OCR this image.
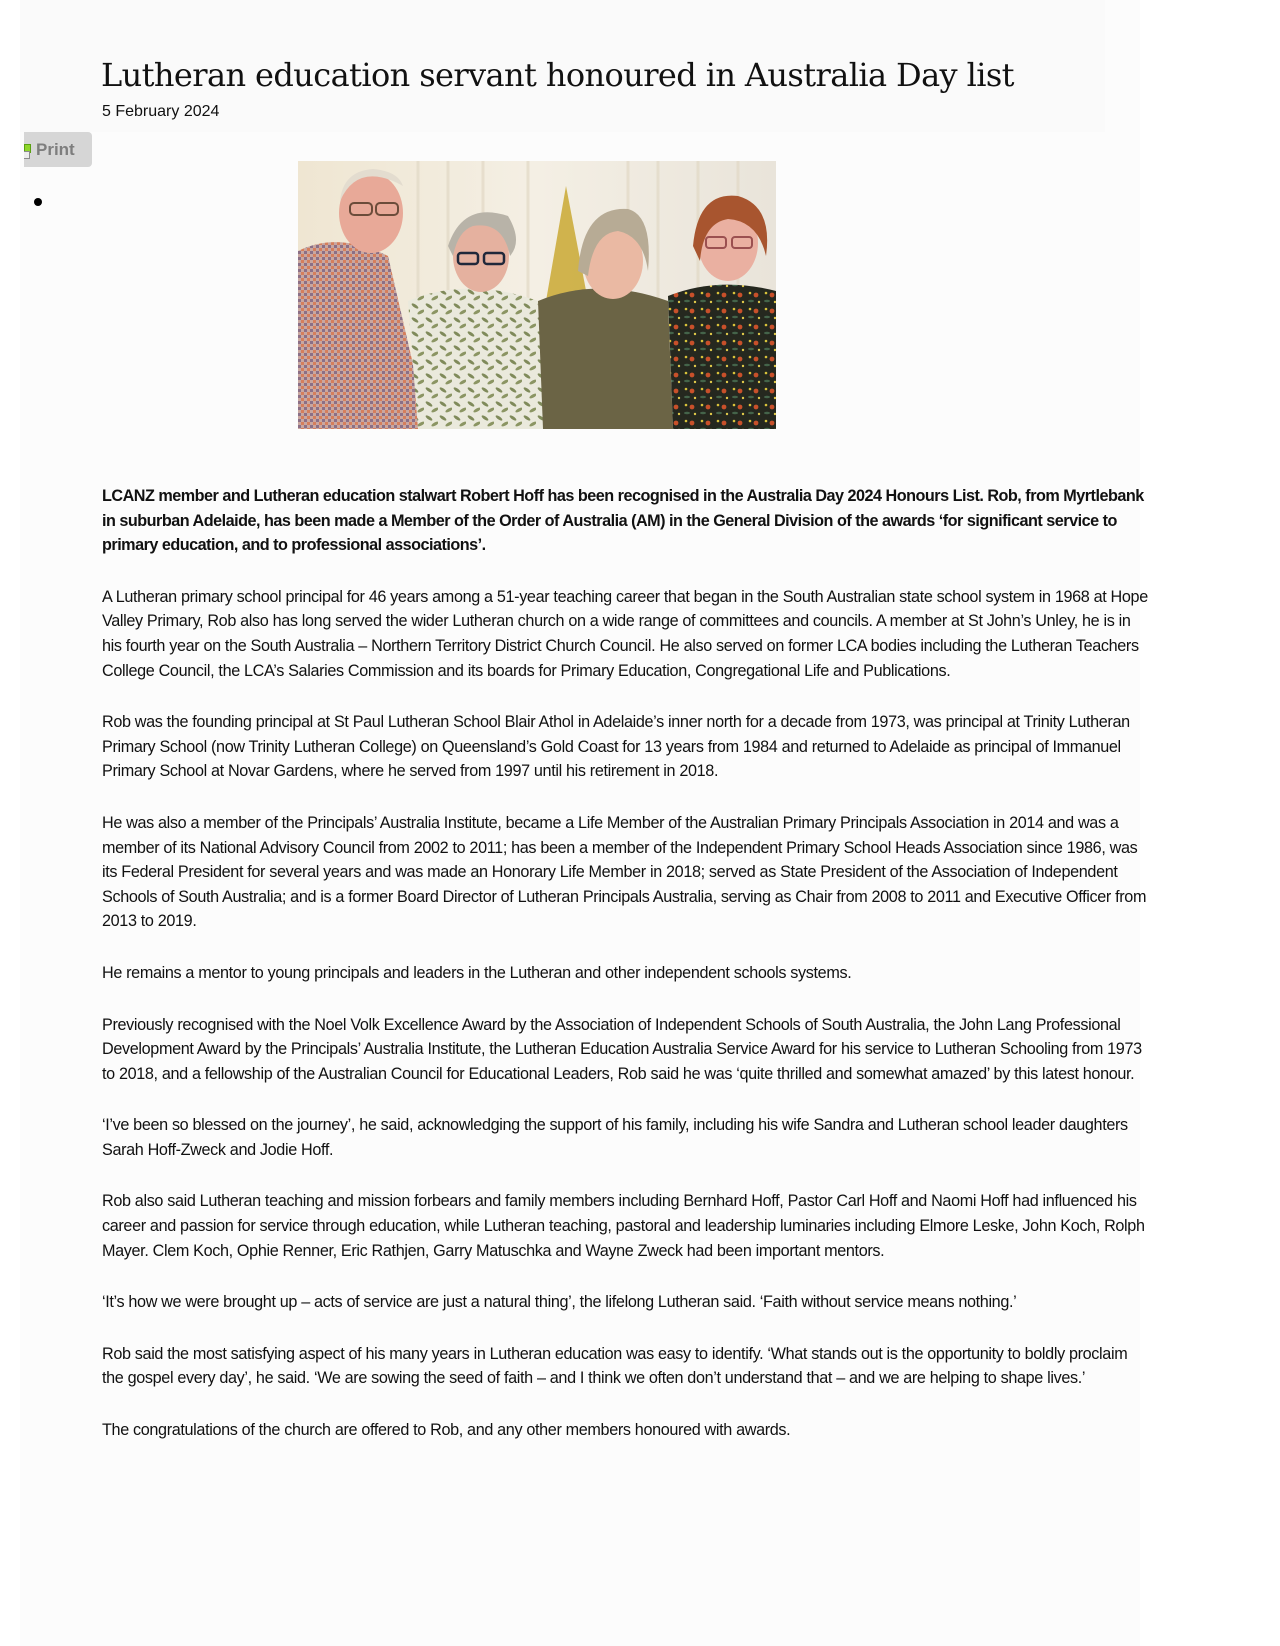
Lutheran education servant honoured in Australia Day list
5 February 2024
Print

LCANZ member and Lutheran education stalwart Robert Hoff has been recognised in the Australia Day 2024 Honours List. Rob, from Myrtlebank in suburban Adelaide, has been made a Member of the Order of Australia (AM) in the General Division of the awards ‘for significant service to primary education, and to professional associations’.

A Lutheran primary school principal for 46 years among a 51-year teaching career that began in the South Australian state school system in 1968 at Hope Valley Primary, Rob also has long served the wider Lutheran church on a wide range of committees and councils. A member at St John’s Unley, he is in his fourth year on the South Australia – Northern Territory District Church Council. He also served on former LCA bodies including the Lutheran Teachers College Council, the LCA’s Salaries Commission and its boards for Primary Education, Congregational Life and Publications.

Rob was the founding principal at St Paul Lutheran School Blair Athol in Adelaide’s inner north for a decade from 1973, was principal at Trinity Lutheran Primary School (now Trinity Lutheran College) on Queensland’s Gold Coast for 13 years from 1984 and returned to Adelaide as principal of Immanuel Primary School at Novar Gardens, where he served from 1997 until his retirement in 2018.

He was also a member of the Principals’ Australia Institute, became a Life Member of the Australian Primary Principals Association in 2014 and was a member of its National Advisory Council from 2002 to 2011; has been a member of the Independent Primary School Heads Association since 1986, was its Federal President for several years and was made an Honorary Life Member in 2018; served as State President of the Association of Independent Schools of South Australia; and is a former Board Director of Lutheran Principals Australia, serving as Chair from 2008 to 2011 and Executive Officer from 2013 to 2019.

He remains a mentor to young principals and leaders in the Lutheran and other independent schools systems.

Previously recognised with the Noel Volk Excellence Award by the Association of Independent Schools of South Australia, the John Lang Professional Development Award by the Principals’ Australia Institute, the Lutheran Education Australia Service Award for his service to Lutheran Schooling from 1973 to 2018, and a fellowship of the Australian Council for Educational Leaders, Rob said he was ‘quite thrilled and somewhat amazed’ by this latest honour.

‘I’ve been so blessed on the journey’, he said, acknowledging the support of his family, including his wife Sandra and Lutheran school leader daughters Sarah Hoff-Zweck and Jodie Hoff.

Rob also said Lutheran teaching and mission forbears and family members including Bernhard Hoff, Pastor Carl Hoff and Naomi Hoff had influenced his career and passion for service through education, while Lutheran teaching, pastoral and leadership luminaries including Elmore Leske, John Koch, Rolph Mayer. Clem Koch, Ophie Renner, Eric Rathjen, Garry Matuschka and Wayne Zweck had been important mentors.

‘It’s how we were brought up – acts of service are just a natural thing’, the lifelong Lutheran said. ‘Faith without service means nothing.’

Rob said the most satisfying aspect of his many years in Lutheran education was easy to identify. ‘What stands out is the opportunity to boldly proclaim the gospel every day’, he said. ‘We are sowing the seed of faith – and I think we often don’t understand that – and we are helping to shape lives.’

The congratulations of the church are offered to Rob, and any other members honoured with awards.
